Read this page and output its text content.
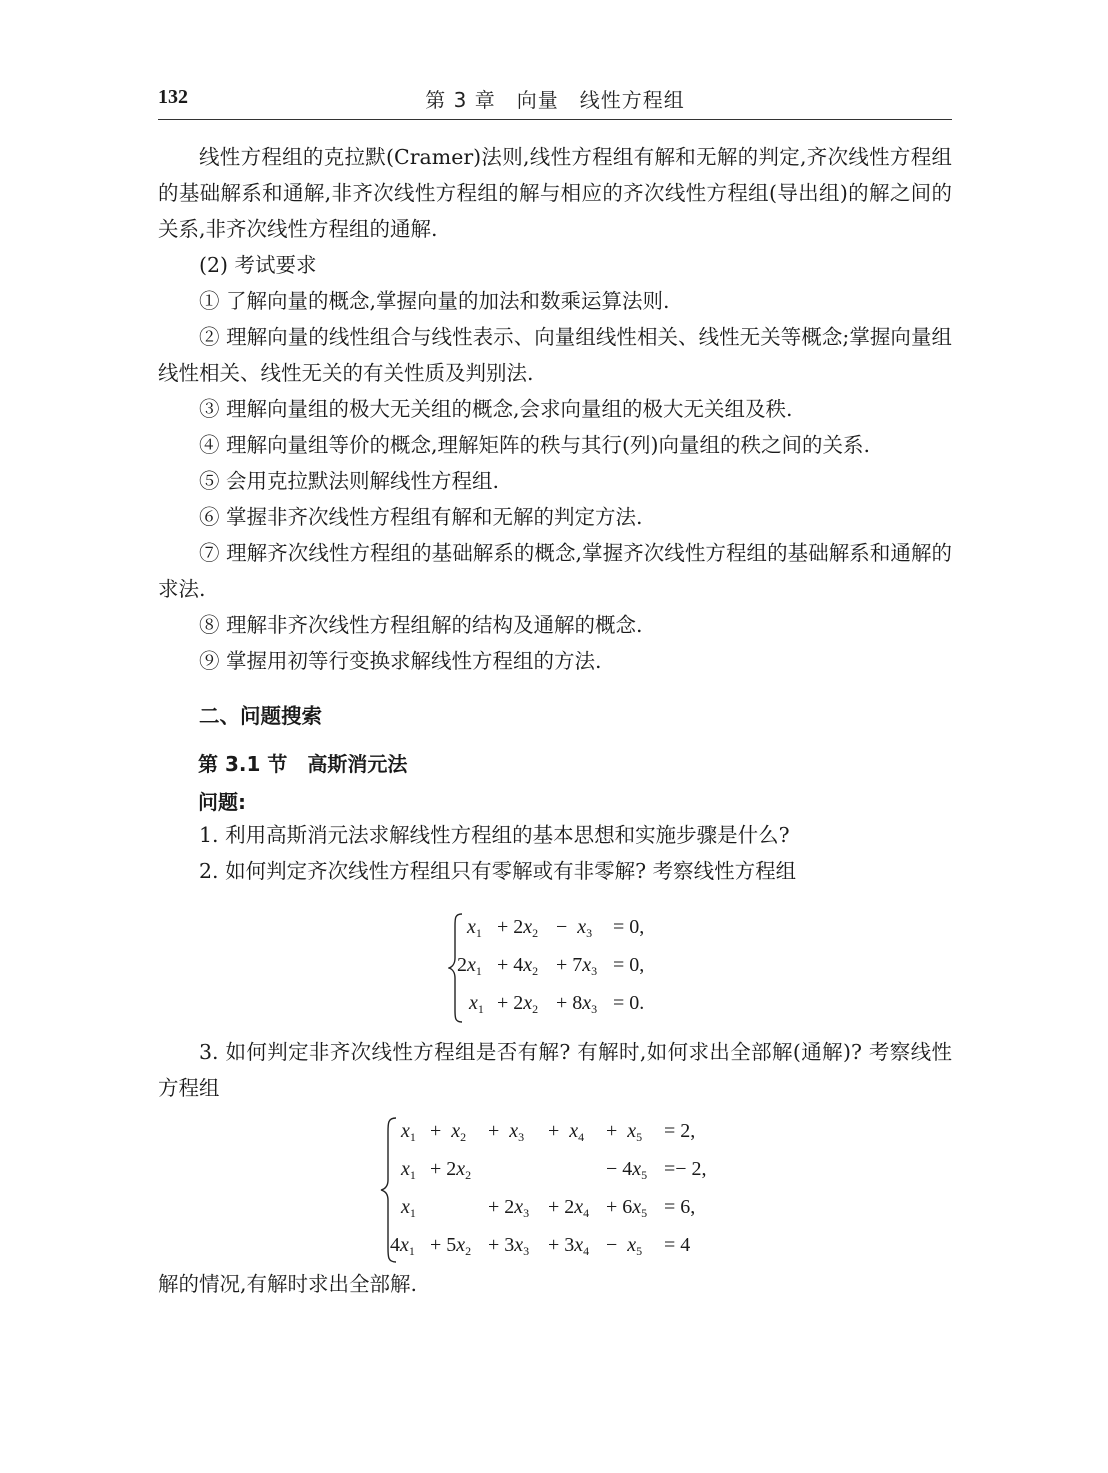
132	第 3 章　向量　线性方程组

线性方程组的克拉默(Cramer)法则,线性方程组有解和无解的判定,齐次线性方程组的基础解系和通解,非齐次线性方程组的解与相应的齐次线性方程组(导出组)的解之间的关系,非齐次线性方程组的通解.

(2) 考试要求

① 了解向量的概念,掌握向量的加法和数乘运算法则.

② 理解向量的线性组合与线性表示、向量组线性相关、线性无关等概念;掌握向量组线性相关、线性无关的有关性质及判别法.

③ 理解向量组的极大无关组的概念,会求向量组的极大无关组及秩.

④ 理解向量组等价的概念,理解矩阵的秩与其行(列)向量组的秩之间的关系.

⑤ 会用克拉默法则解线性方程组.

⑥ 掌握非齐次线性方程组有解和无解的判定方法.

⑦ 理解齐次线性方程组的基础解系的概念,掌握齐次线性方程组的基础解系和通解的求法.

⑧ 理解非齐次线性方程组解的结构及通解的概念.

⑨ 掌握用初等行变换求解线性方程组的方法.

二、问题搜索

第 3.1 节　高斯消元法

问题:

1. 利用高斯消元法求解线性方程组的基本思想和实施步骤是什么?

2. 如何判定齐次线性方程组只有零解或有非零解? 考察线性方程组

$x_1 + 2x_2 - x_3 = 0$,
$2x_1 + 4x_2 + 7x_3 = 0$,
$x_1 + 2x_2 + 8x_3 = 0$.

3. 如何判定非齐次线性方程组是否有解? 有解时,如何求出全部解(通解)? 考察线性方程组

$x_1 + x_2 + x_3 + x_4 + x_5 = 2$,
$x_1 + 2x_2$	− $4x_5 =- 2$,
$x_1$	+ $2x_3 + 2x_4 + 6x_5 = 6$,
$4x_1 + 5x_2 + 3x_3 + 3x_4 - x_5 = 4$

解的情况,有解时求出全部解.
